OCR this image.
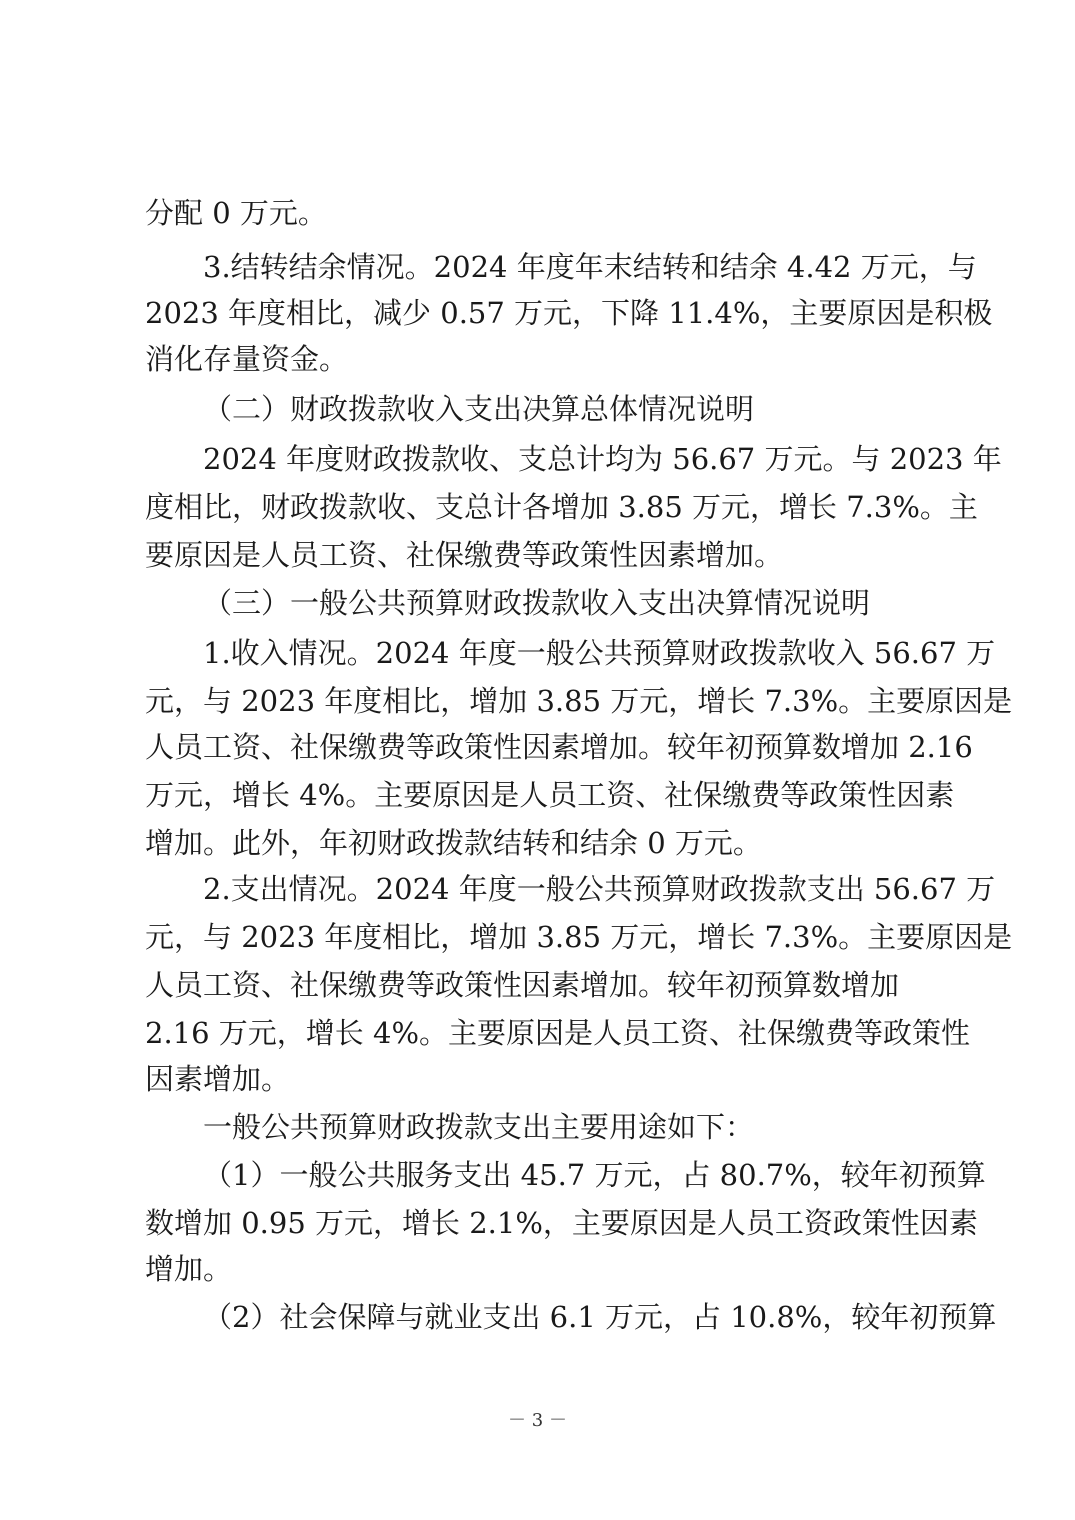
分配 0 万元。
3.结转结余情况。2024 年度年末结转和结余 4.42 万元，与
2023 年度相比，减少 0.57 万元，下降 11.4%，主要原因是积极
消化存量资金。
（二）财政拨款收入支出决算总体情况说明
2024 年度财政拨款收、支总计均为 56.67 万元。与 2023 年
度相比，财政拨款收、支总计各增加 3.85 万元，增长 7.3%。主
要原因是人员工资、社保缴费等政策性因素增加。
（三）一般公共预算财政拨款收入支出决算情况说明
1.收入情况。2024 年度一般公共预算财政拨款收入 56.67 万
元，与 2023 年度相比，增加 3.85 万元，增长 7.3%。主要原因是
人员工资、社保缴费等政策性因素增加。较年初预算数增加 2.16
万元，增长 4%。主要原因是人员工资、社保缴费等政策性因素
增加。此外，年初财政拨款结转和结余 0 万元。
2.支出情况。2024 年度一般公共预算财政拨款支出 56.67 万
元，与 2023 年度相比，增加 3.85 万元，增长 7.3%。主要原因是
人员工资、社保缴费等政策性因素增加。较年初预算数增加
2.16 万元，增长 4%。主要原因是人员工资、社保缴费等政策性
因素增加。
一般公共预算财政拨款支出主要用途如下：
（1）一般公共服务支出 45.7 万元，占 80.7%，较年初预算
数增加 0.95 万元，增长 2.1%，主要原因是人员工资政策性因素
增加。
（2）社会保障与就业支出 6.1 万元，占 10.8%，较年初预算
－ 3 －
